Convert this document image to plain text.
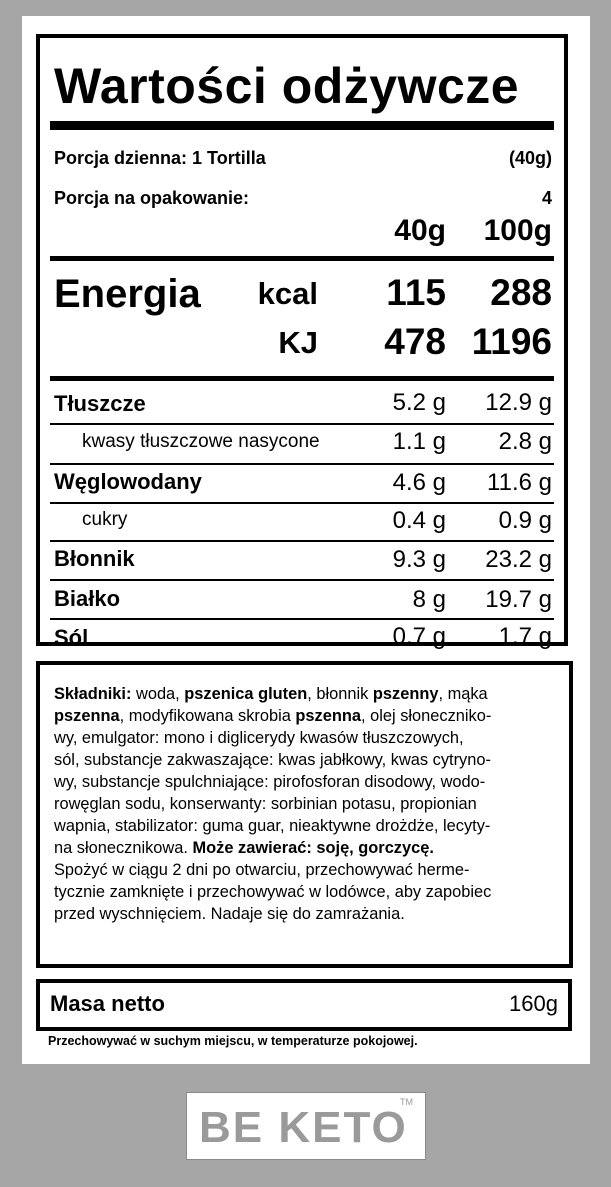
Wartości odżywcze
Porcja dzienna: 1 Tortilla	(40g)
Porcja na opakowanie:	4
40g 100g
Energia kcal 115 288
KJ 478 1196
Tłuszcze	5.2 g 12.9 g
kwasy tłuszczowe nasycone	1.1 g 2.8 g
Węglowodany	4.6 g 11.6 g
cukry	0.4 g 0.9 g
Błonnik	9.3 g 23.2 g
Białko	8 g 19.7 g
Sól	0.7 g 1.7 g
Składniki: woda, pszenica gluten, błonnik pszenny, mąka
pszenna, modyfikowana skrobia pszenna, olej słoneczniko-
wy, emulgator: mono i diglicerydy kwasów tłuszczowych,
sól, substancje zakwaszające: kwas jabłkowy, kwas cytryno-
wy, substancje spulchniające: pirofosforan disodowy, wodo-
rowęglan sodu, konserwanty: sorbinian potasu, propionian
wapnia, stabilizator: guma guar, nieaktywne drożdże, lecyty-
na słonecznikowa. Może zawierać: soję, gorczycę.
Spożyć w ciągu 2 dni po otwarciu, przechowywać herme-
tycznie zamknięte i przechowywać w lodówce, aby zapobiec
przed wyschnięciem. Nadaje się do zamrażania.
Masa netto	160g
Przechowywać w suchym miejscu, w temperaturze pokojowej.
BE KETO
TM
